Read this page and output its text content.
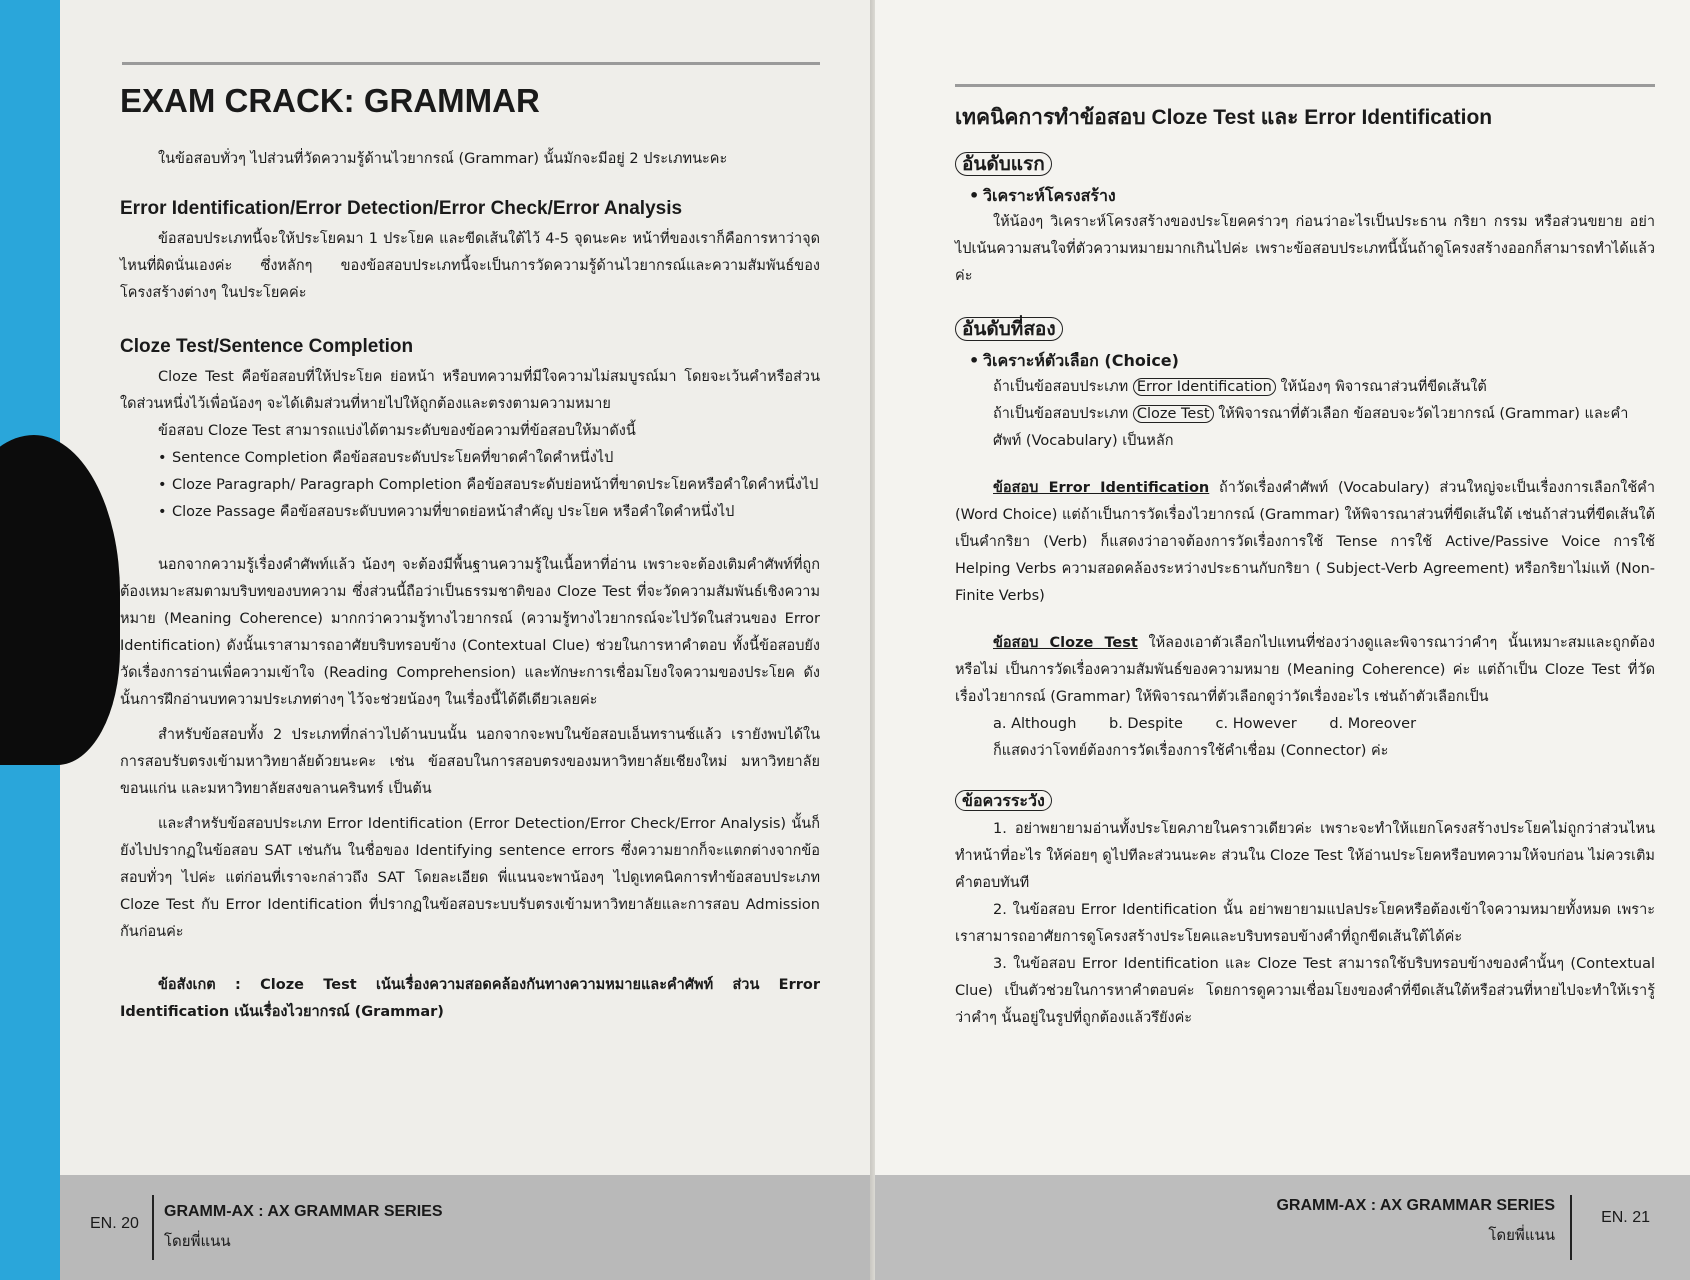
EXAM CRACK: GRAMMAR

ในข้อสอบทั่วๆ ไปส่วนที่วัดความรู้ด้านไวยากรณ์ (Grammar) นั้นมักจะมีอยู่ 2 ประเภทนะคะ

Error Identification/Error Detection/Error Check/Error Analysis

ข้อสอบประเภทนี้จะให้ประโยคมา 1 ประโยค และขีดเส้นใต้ไว้ 4-5 จุดนะคะ หน้าที่ของเราก็คือการหาว่าจุดไหนที่ผิดนั่นเองค่ะ ซึ่งหลักๆ ของข้อสอบประเภทนี้จะเป็นการวัดความรู้ด้านไวยากรณ์และความสัมพันธ์ของโครงสร้างต่างๆ ในประโยคค่ะ

Cloze Test/Sentence Completion

Cloze Test คือข้อสอบที่ให้ประโยค ย่อหน้า หรือบทความที่มีใจความไม่สมบูรณ์มา โดยจะเว้นคำหรือส่วนใดส่วนหนึ่งไว้เพื่อน้องๆ จะได้เติมส่วนที่หายไปให้ถูกต้องและตรงตามความหมาย

ข้อสอบ Cloze Test สามารถแบ่งได้ตามระดับของข้อความที่ข้อสอบให้มาดังนี้

• Sentence Completion คือข้อสอบระดับประโยคที่ขาดคำใดคำหนึ่งไป
• Cloze Paragraph/ Paragraph Completion คือข้อสอบระดับย่อหน้าที่ขาดประโยคหรือคำใดคำหนึ่งไป
• Cloze Passage คือข้อสอบระดับบทความที่ขาดย่อหน้าสำคัญ ประโยค หรือคำใดคำหนึ่งไป

นอกจากความรู้เรื่องคำศัพท์แล้ว น้องๆ จะต้องมีพื้นฐานความรู้ในเนื้อหาที่อ่าน เพราะจะต้องเติมคำศัพท์ที่ถูกต้องเหมาะสมตามบริบทของบทความ ซึ่งส่วนนี้ถือว่าเป็นธรรมชาติของ Cloze Test ที่จะวัดความสัมพันธ์เชิงความหมาย (Meaning Coherence) มากกว่าความรู้ทางไวยากรณ์ (ความรู้ทางไวยากรณ์จะไปวัดในส่วนของ Error Identification) ดังนั้นเราสามารถอาศัยบริบทรอบข้าง (Contextual Clue) ช่วยในการหาคำตอบ ทั้งนี้ข้อสอบยังวัดเรื่องการอ่านเพื่อความเข้าใจ (Reading Comprehension) และทักษะการเชื่อมโยงใจความของประโยค ดังนั้นการฝึกอ่านบทความประเภทต่างๆ ไว้จะช่วยน้องๆ ในเรื่องนี้ได้ดีเดียวเลยค่ะ

สำหรับข้อสอบทั้ง 2 ประเภทที่กล่าวไปด้านบนนั้น นอกจากจะพบในข้อสอบเอ็นทรานซ์แล้ว เรายังพบได้ในการสอบรับตรงเข้ามหาวิทยาลัยด้วยนะคะ เช่น ข้อสอบในการสอบตรงของมหาวิทยาลัยเชียงใหม่ มหาวิทยาลัยขอนแก่น และมหาวิทยาลัยสงขลานครินทร์ เป็นต้น

และสำหรับข้อสอบประเภท Error Identification (Error Detection/Error Check/Error Analysis) นั้นก็ยังไปปรากฏในข้อสอบ SAT เช่นกัน ในชื่อของ Identifying sentence errors ซึ่งความยากก็จะแตกต่างจากข้อสอบทั่วๆ ไปค่ะ แต่ก่อนที่เราจะกล่าวถึง SAT โดยละเอียด พี่แนนจะพาน้องๆ ไปดูเทคนิคการทำข้อสอบประเภท Cloze Test กับ Error Identification ที่ปรากฏในข้อสอบระบบรับตรงเข้ามหาวิทยาลัยและการสอบ Admission กันก่อนค่ะ

ข้อสังเกต : Cloze Test เน้นเรื่องความสอดคล้องกันทางความหมายและคำศัพท์ ส่วน Error Identification เน้นเรื่องไวยากรณ์ (Grammar)

EN. 20
GRAMM-AX : AX GRAMMAR SERIES
โดยพี่แนน
เทคนิคการทำข้อสอบ Cloze Test และ Error Identification
อันดับแรก
• วิเคราะห์โครงสร้าง

ให้น้องๆ วิเคราะห์โครงสร้างของประโยคคร่าวๆ ก่อนว่าอะไรเป็นประธาน กริยา กรรม หรือส่วนขยาย อย่าไปเน้นความสนใจที่ตัวความหมายมากเกินไปค่ะ เพราะข้อสอบประเภทนี้นั้นถ้าดูโครงสร้างออกก็สามารถทำได้แล้วค่ะ

อันดับที่สอง
• วิเคราะห์ตัวเลือก (Choice)

ถ้าเป็นข้อสอบประเภท Error Identification ให้น้องๆ พิจารณาส่วนที่ขีดเส้นใต้

ถ้าเป็นข้อสอบประเภท Cloze Test ให้พิจารณาที่ตัวเลือก ข้อสอบจะวัดไวยากรณ์ (Grammar) และคำศัพท์ (Vocabulary) เป็นหลัก

ข้อสอบ Error Identification ถ้าวัดเรื่องคำศัพท์ (Vocabulary) ส่วนใหญ่จะเป็นเรื่องการเลือกใช้คำ (Word Choice) แต่ถ้าเป็นการวัดเรื่องไวยากรณ์ (Grammar) ให้พิจารณาส่วนที่ขีดเส้นใต้ เช่นถ้าส่วนที่ขีดเส้นใต้เป็นคำกริยา (Verb) ก็แสดงว่าอาจต้องการวัดเรื่องการใช้ Tense การใช้ Active/Passive Voice การใช้ Helping Verbs ความสอดคล้องระหว่างประธานกับกริยา ( Subject-Verb Agreement) หรือกริยาไม่แท้ (Non-Finite Verbs)

ข้อสอบ Cloze Test ให้ลองเอาตัวเลือกไปแทนที่ช่องว่างดูและพิจารณาว่าคำๆ นั้นเหมาะสมและถูกต้องหรือไม่ เป็นการวัดเรื่องความสัมพันธ์ของความหมาย (Meaning Coherence) ค่ะ แต่ถ้าเป็น Cloze Test ที่วัดเรื่องไวยากรณ์ (Grammar) ให้พิจารณาที่ตัวเลือกดูว่าวัดเรื่องอะไร เช่นถ้าตัวเลือกเป็น

a. Although b. Despite c. However d. Moreover

ก็แสดงว่าโจทย์ต้องการวัดเรื่องการใช้คำเชื่อม (Connector) ค่ะ

ข้อควรระวัง

1. อย่าพยายามอ่านทั้งประโยคภายในคราวเดียวค่ะ เพราะจะทำให้แยกโครงสร้างประโยคไม่ถูกว่าส่วนไหนทำหน้าที่อะไร ให้ค่อยๆ ดูไปทีละส่วนนะคะ ส่วนใน Cloze Test ให้อ่านประโยคหรือบทความให้จบก่อน ไม่ควรเติมคำตอบทันที

2. ในข้อสอบ Error Identification นั้น อย่าพยายามแปลประโยคหรือต้องเข้าใจความหมายทั้งหมด เพราะเราสามารถอาศัยการดูโครงสร้างประโยคและบริบทรอบข้างคำที่ถูกขีดเส้นใต้ได้ค่ะ

3. ในข้อสอบ Error Identification และ Cloze Test สามารถใช้บริบทรอบข้างของคำนั้นๆ (Contextual Clue) เป็นตัวช่วยในการหาคำตอบค่ะ โดยการดูความเชื่อมโยงของคำที่ขีดเส้นใต้หรือส่วนที่หายไปจะทำให้เรารู้ว่าคำๆ นั้นอยู่ในรูปที่ถูกต้องแล้วรึยังค่ะ

GRAMM-AX : AX GRAMMAR SERIES
โดยพี่แนน
EN. 21
